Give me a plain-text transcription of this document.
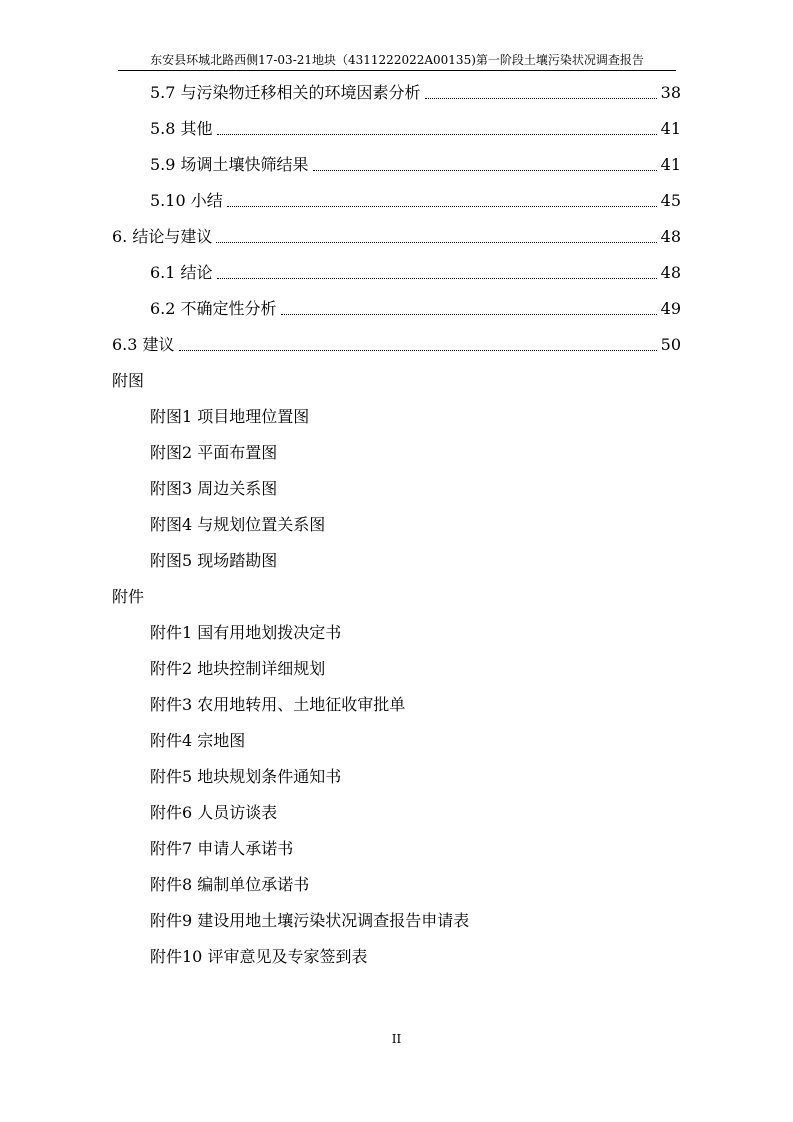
东安县环城北路西侧17-03-21地块（4311222022A00135)第一阶段土壤污染状况调查报告
5.7 与污染物迁移相关的环境因素分析	38
5.8 其他	41
5.9 场调土壤快筛结果	41
5.10 小结	45
6. 结论与建议	48
6.1 结论	48
6.2 不确定性分析	49
6.3 建议	50
附图
附图1 项目地理位置图
附图2 平面布置图
附图3 周边关系图
附图4 与规划位置关系图
附图5 现场踏勘图
附件
附件1 国有用地划拨决定书
附件2 地块控制详细规划
附件3 农用地转用、土地征收审批单
附件4 宗地图
附件5 地块规划条件通知书
附件6 人员访谈表
附件7 申请人承诺书
附件8 编制单位承诺书
附件9 建设用地土壤污染状况调查报告申请表
附件10 评审意见及专家签到表
II
